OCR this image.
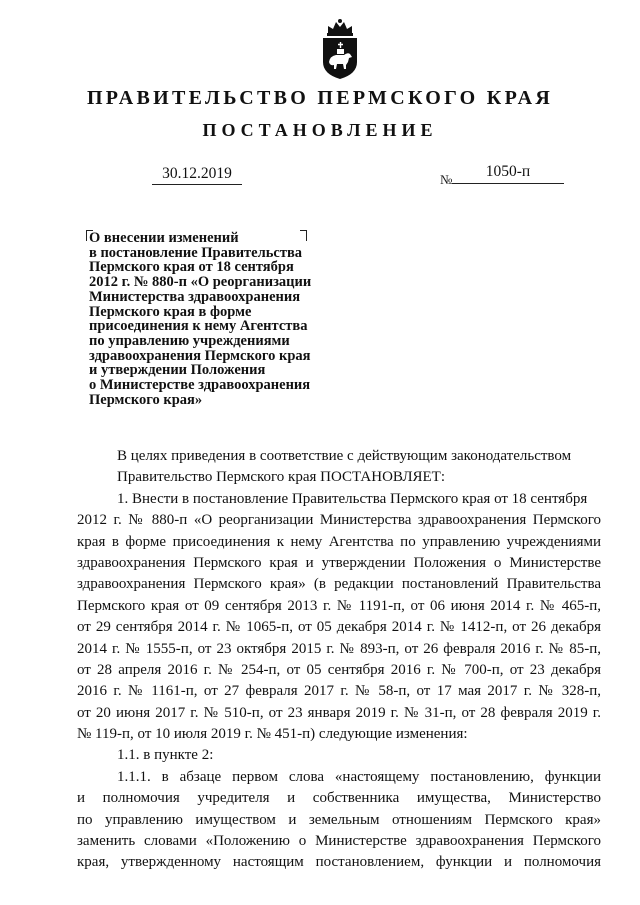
ПРАВИТЕЛЬСТВО ПЕРМСКОГО КРАЯ
ПОСТАНОВЛЕНИЕ
30.12.2019	№	1050-п
О внесении изменений
в постановление Правительства
Пермского края от 18 сентября
2012 г. № 880-п «О реорганизации
Министерства здравоохранения
Пермского края в форме
присоединения к нему Агентства
по управлению учреждениями
здравоохранения Пермского края
и утверждении Положения
о Министерстве здравоохранения
Пермского края»
В целях приведения в соответствие с действующим законодательством
Правительство Пермского края ПОСТАНОВЛЯЕТ:
1. Внести в постановление Правительства Пермского края от 18 сентября
2012 г. № 880-п «О реорганизации Министерства здравоохранения Пермского
края в форме присоединения к нему Агентства по управлению учреждениями
здравоохранения Пермского края и утверждении Положения о Министерстве
здравоохранения Пермского края» (в редакции постановлений Правительства
Пермского края от 09 сентября 2013 г. № 1191-п, от 06 июня 2014 г. № 465-п,
от 29 сентября 2014 г. № 1065-п, от 05 декабря 2014 г. № 1412-п, от 26 декабря
2014 г. № 1555-п, от 23 октября 2015 г. № 893-п, от 26 февраля 2016 г. № 85-п,
от 28 апреля 2016 г. № 254-п, от 05 сентября 2016 г. № 700-п, от 23 декабря
2016 г. № 1161-п, от 27 февраля 2017 г. № 58-п, от 17 мая 2017 г. № 328-п,
от 20 июня 2017 г. № 510-п, от 23 января 2019 г. № 31-п, от 28 февраля 2019 г.
№ 119-п, от 10 июля 2019 г. № 451-п) следующие изменения:
1.1. в пункте 2:
1.1.1. в абзаце первом слова «настоящему постановлению, функции
и полномочия учредителя и собственника имущества, Министерство
по управлению имуществом и земельным отношениям Пермского края»
заменить словами «Положению о Министерстве здравоохранения Пермского
края, утвержденному настоящим постановлением, функции и полномочия
